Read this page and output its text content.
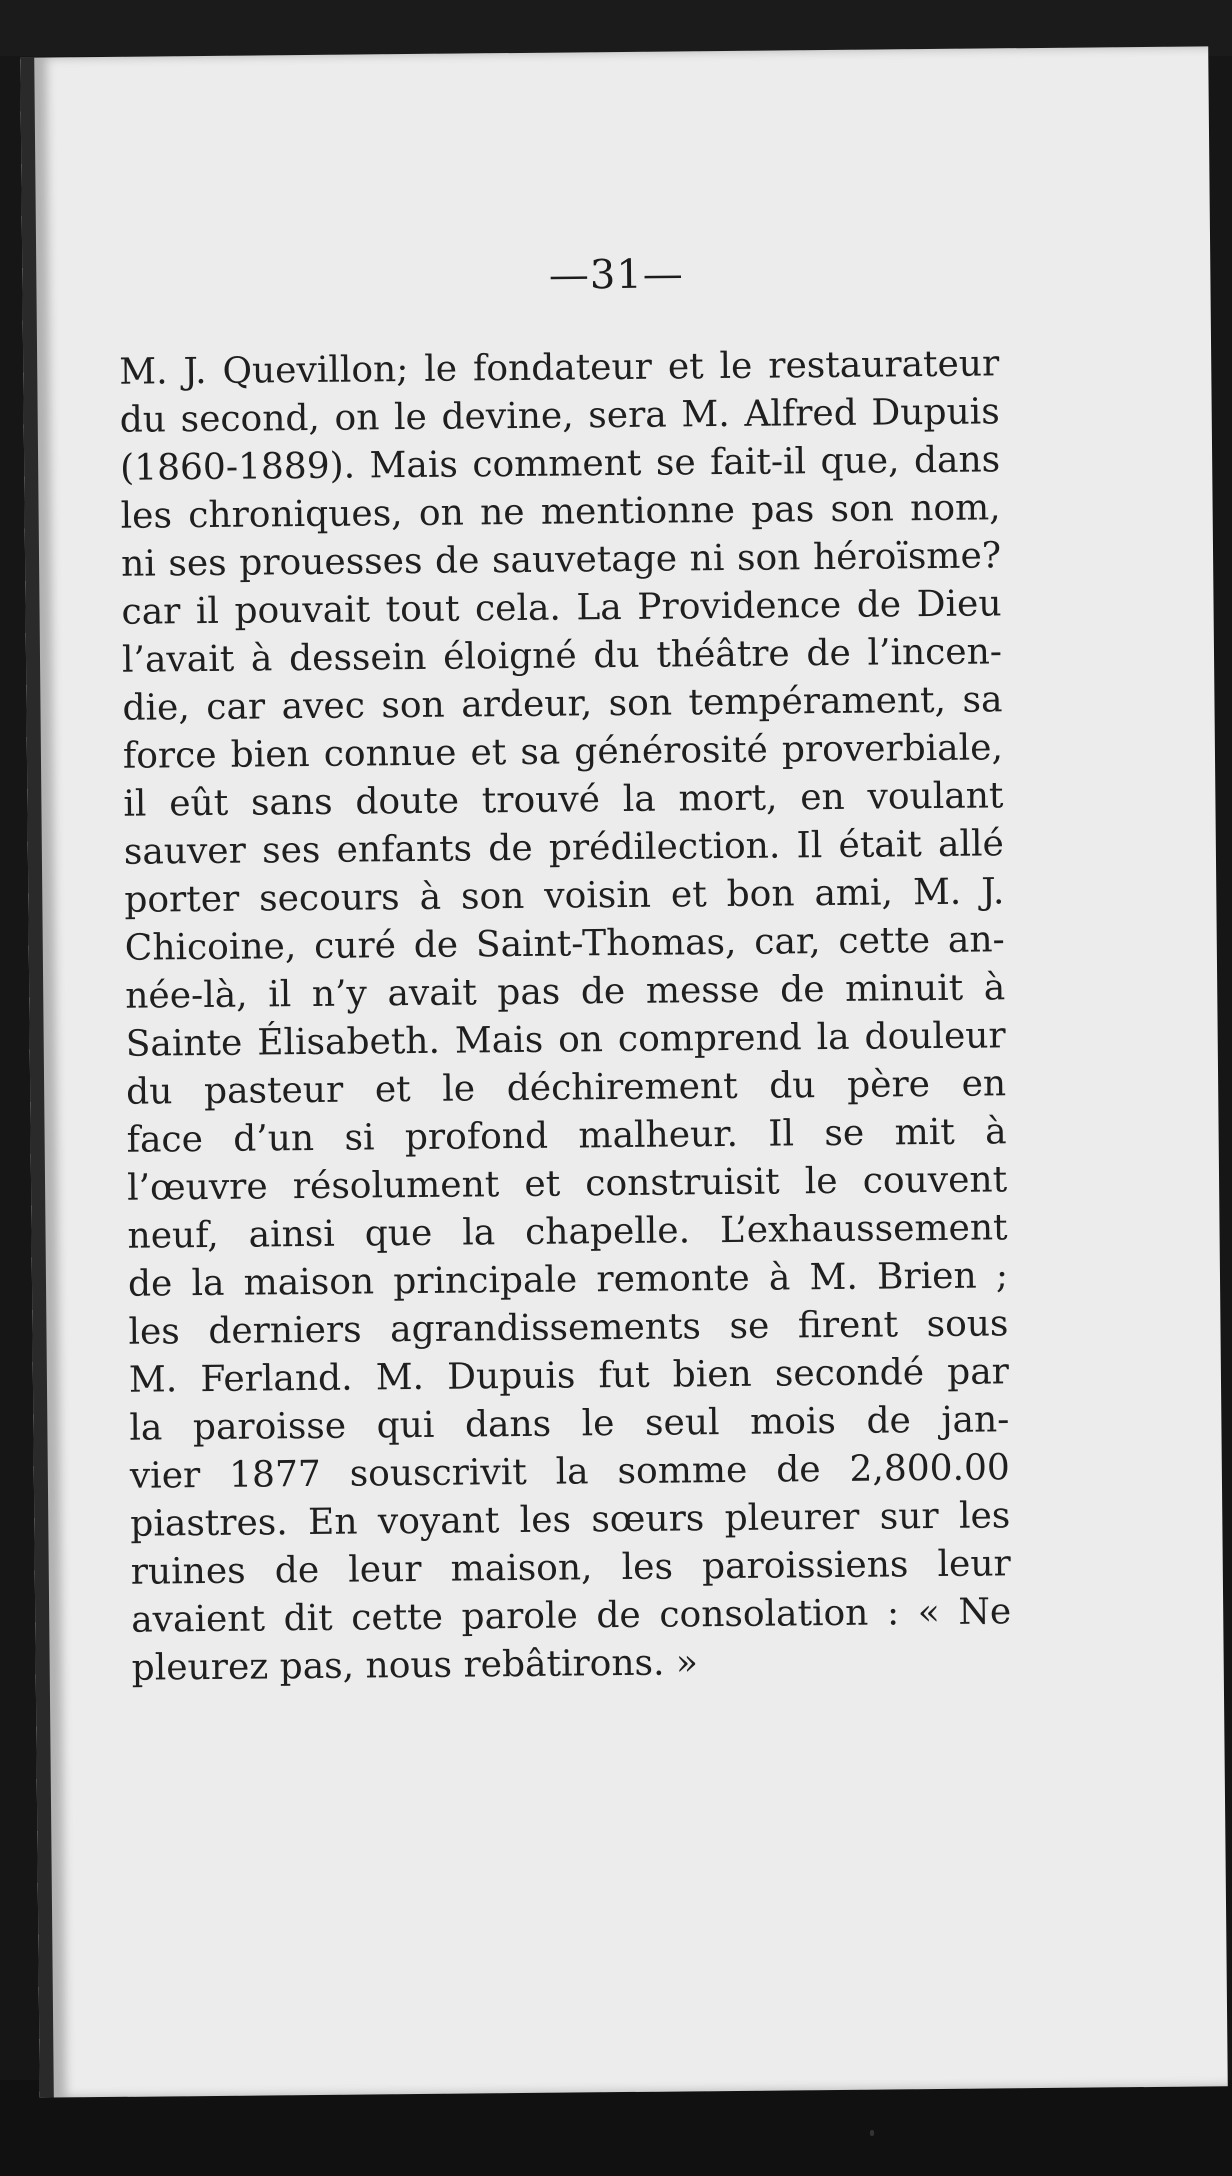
—31—
M. J. Quevillon; le fondateur et le restaurateur
du second, on le devine, sera M. Alfred Dupuis
(1860-1889). Mais comment se fait-il que, dans
les chroniques, on ne mentionne pas son nom,
ni ses prouesses de sauvetage ni son héroïsme?
car il pouvait tout cela. La Providence de Dieu
l’avait à dessein éloigné du théâtre de l’incen-
die, car avec son ardeur, son tempérament, sa
force bien connue et sa générosité proverbiale,
il eût sans doute trouvé la mort, en voulant
sauver ses enfants de prédilection. Il était allé
porter secours à son voisin et bon ami, M. J.
Chicoine, curé de Saint-Thomas, car, cette an-
née-là, il n’y avait pas de messe de minuit à
Sainte Élisabeth. Mais on comprend la douleur
du pasteur et le déchirement du père en
face d’un si profond malheur. Il se mit à
l’œuvre résolument et construisit le couvent
neuf, ainsi que la chapelle. L’exhaussement
de la maison principale remonte à M. Brien ;
les derniers agrandissements se firent sous
M. Ferland. M. Dupuis fut bien secondé par
la paroisse qui dans le seul mois de jan-
vier 1877 souscrivit la somme de 2,800.00
piastres. En voyant les sœurs pleurer sur les
ruines de leur maison, les paroissiens leur
avaient dit cette parole de consolation : « Ne
pleurez pas, nous rebâtirons. »
